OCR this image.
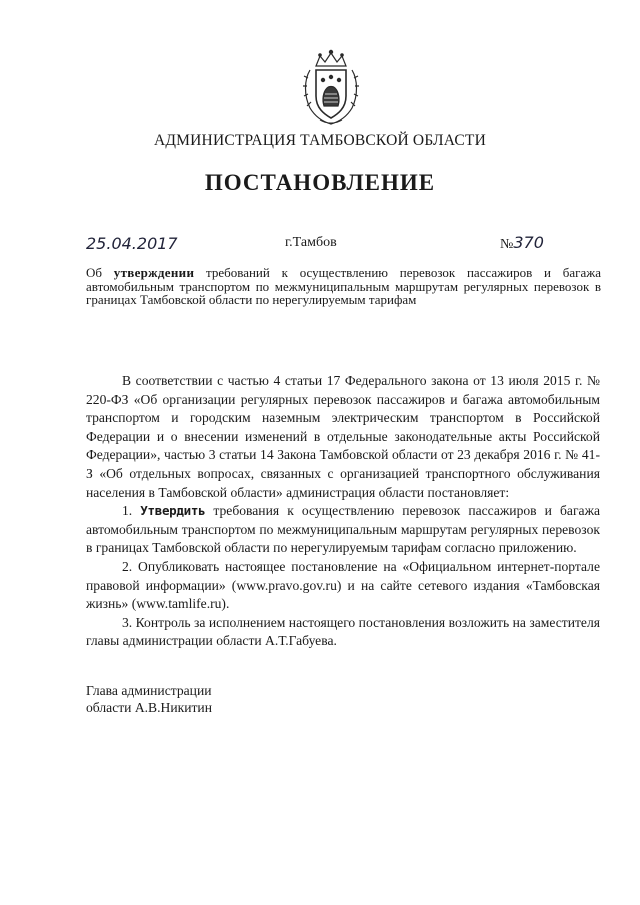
АДМИНИСТРАЦИЯ ТАМБОВСКОЙ ОБЛАСТИ
ПОСТАНОВЛЕНИЕ
25.04.2017	г.Тамбов	№370
Об утверждении требований к осуществлению перевозок пассажиров и багажа автомобильным транспортом по межмуниципальным маршрутам регулярных перевозок в границах Тамбовской области по нерегулируемым тарифам

В соответствии с частью 4 статьи 17 Федерального закона от 13 июля 2015 г. № 220-ФЗ «Об организации регулярных перевозок пассажиров и багажа автомобильным транспортом и городским наземным электрическим транспортом в Российской Федерации и о внесении изменений в отдельные законодательные акты Российской Федерации», частью 3 статьи 14 Закона Тамбовской области от 23 декабря 2016 г. № 41-З «Об отдельных вопросах, связанных с организацией транспортного обслуживания населения в Тамбовской области» администрация области постановляет:

1. Утвердить требования к осуществлению перевозок пассажиров и багажа автомобильным транспортом по межмуниципальным маршрутам регулярных перевозок в границах Тамбовской области по нерегулируемым тарифам согласно приложению.

2. Опубликовать настоящее постановление на «Официальном интернет-портале правовой информации» (www.pravo.gov.ru) и на сайте сетевого издания «Тамбовская жизнь» (www.tamlife.ru).

3. Контроль за исполнением настоящего постановления возложить на заместителя главы администрации области А.Т.Габуева.

Глава администрации
области А.В.Никитин
